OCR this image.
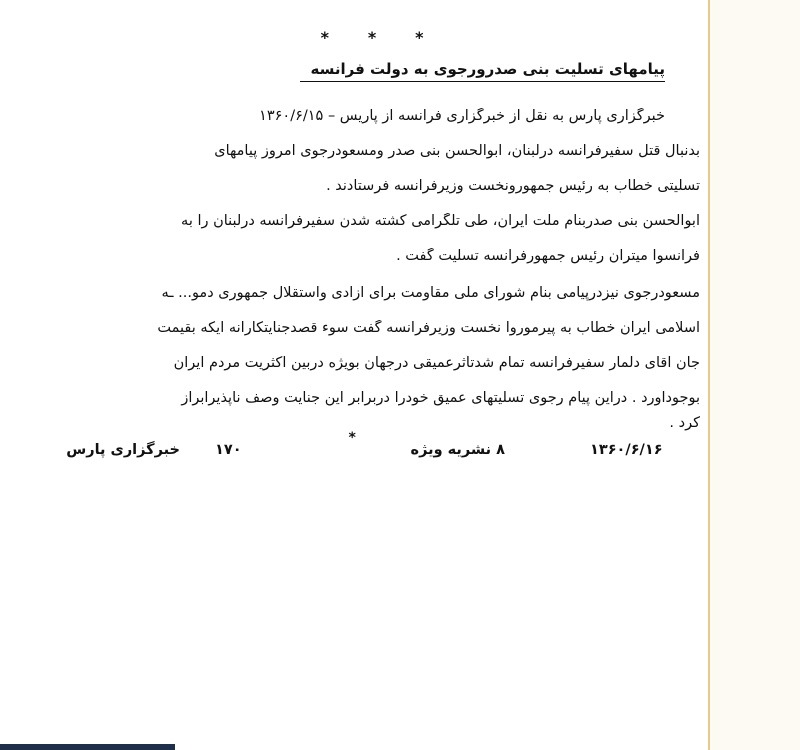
* * *
پیامهای تسلیت بنی صدرورجوی به دولت فرانسه
خبرگزاری پارس به نقل از خبرگزاری فرانسه از پاریس – ۱۳۶۰/۶/۱۵
بدنبال قتل سفیرفرانسه درلبنان، ابوالحسن بنی صدر ومسعودرجوی امروز پیامهای
تسلیتی خطاب به رئیس جمهورونخست وزیرفرانسه فرستادند .
ابوالحسن بنی صدربنام ملت ایران، طی تلگرامی کشته شدن سفیرفرانسه درلبنان را به
فرانسوا میتران رئیس جمهورفرانسه تسلیت گفت .
مسعودرجوی نیزدرپیامی بنام شورای ملی مقاومت برای آزادی واستقلال جمهوری دمو... ـه
اسلامی ایران خطاب به پیرموروا نخست وزیرفرانسه گفت سوء قصدجنایتکارانه ایکه بقیمت
جان آقای دلمار سفیرفرانسه تمام شدتأثرعمیقی درجهان بویژه دربین اکثریت مردم ایران
بوجودآورد . دراین پیام رجوی تسلیتهای عمیق خودرا دربرابر این جنایت وصف ناپذیرابراز
کرد .
۱۳۶۰/۶/۱۶
*
۸ نشریه ویژه
۱۷۰
خبرگزاری پارس
